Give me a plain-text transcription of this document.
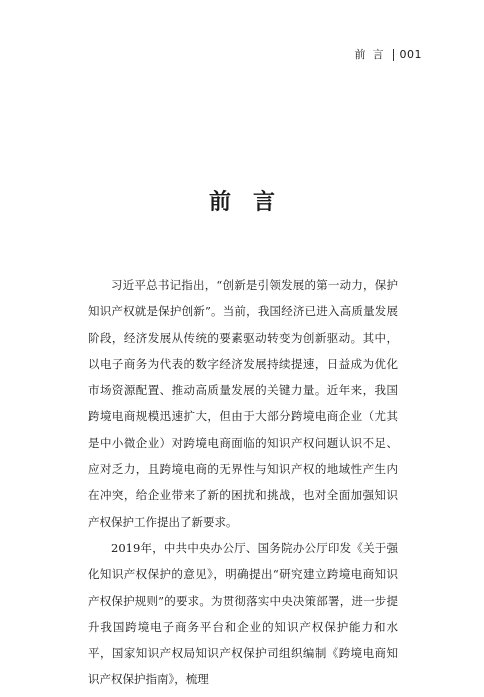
前言 001
前言

习近平总书记指出，“创新是引领发展的第一动力，保护知识产权就是保护创新”。当前，我国经济已进入高质量发展阶段，经济发展从传统的要素驱动转变为创新驱动。其中，以电子商务为代表的数字经济发展持续提速，日益成为优化市场资源配置、推动高质量发展的关键力量。近年来，我国跨境电商规模迅速扩大，但由于大部分跨境电商企业（尤其是中小微企业）对跨境电商面临的知识产权问题认识不足、应对乏力，且跨境电商的无界性与知识产权的地域性产生内在冲突，给企业带来了新的困扰和挑战，也对全面加强知识产权保护工作提出了新要求。

2019年，中共中央办公厅、国务院办公厅印发《关于强化知识产权保护的意见》，明确提出“研究建立跨境电商知识产权保护规则”的要求。为贯彻落实中央决策部署，进一步提升我国跨境电子商务平台和企业的知识产权保护能力和水平，国家知识产权局知识产权保护司组织编制《跨境电商知识产权保护指南》，梳理
